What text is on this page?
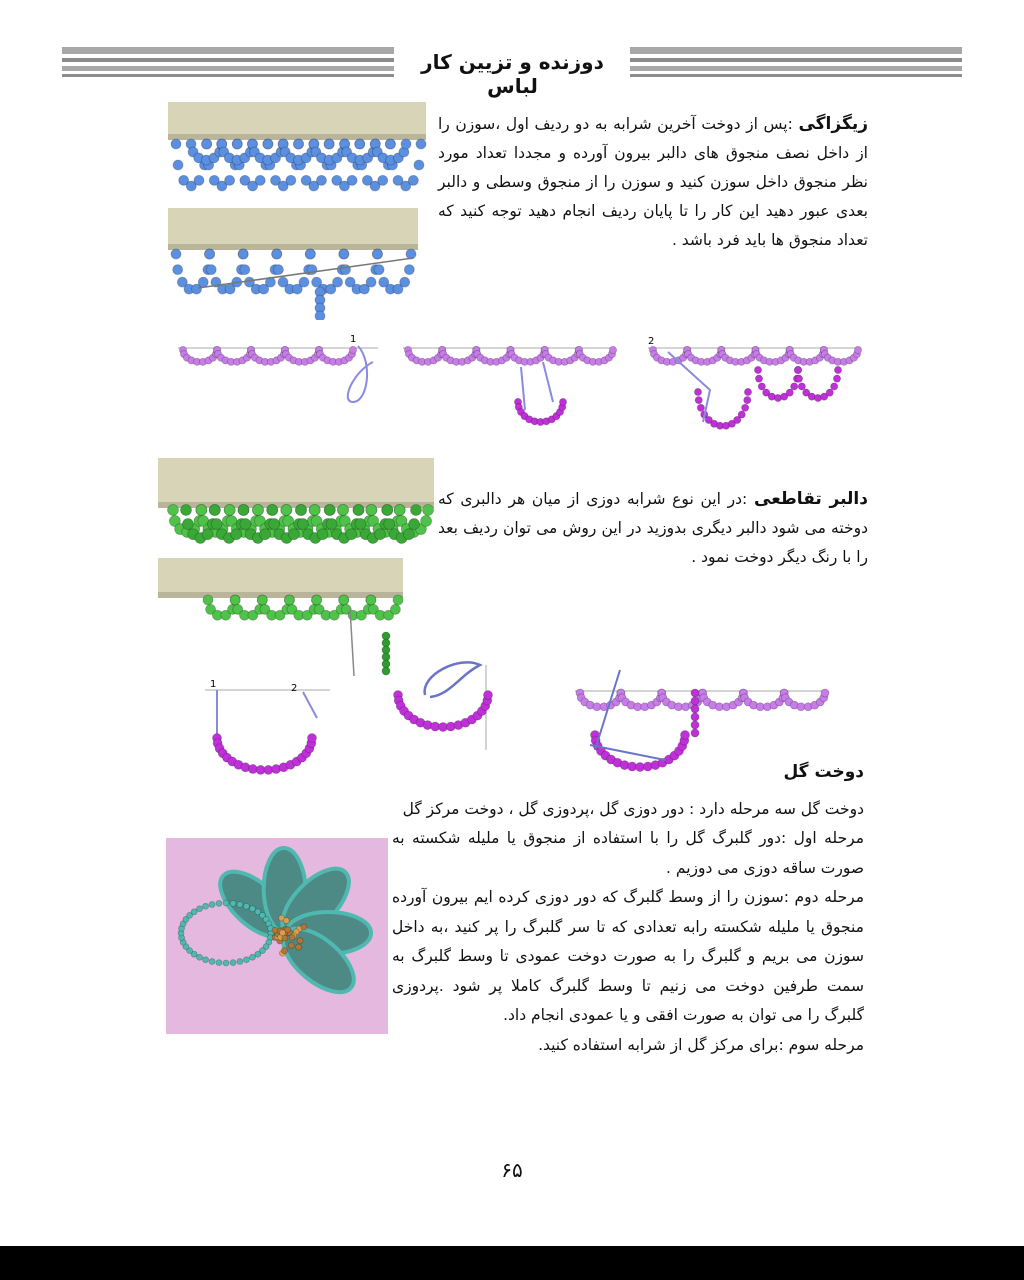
دوزنده و تزیین کار لباس
زیگزاگی :پس از دوخت آخرین شرابه به دو ردیف اول ،سوزن را از داخل نصف منجوق های دالبر بیرون آورده و مجددا تعداد مورد نظر منجوق داخل سوزن کنید و سوزن را از منجوق وسطی و دالبر بعدی عبور دهید این کار را تا پایان ردیف انجام دهید توجه کنید که تعداد منجوق ها باید فرد باشد .
1	2
دالبر تقاطعی :در این نوع شرابه دوزی از میان هر دالبری که دوخته می شود دالبر دیگری بدوزید در این روش می توان ردیف بعد را با رنگ دیگر دوخت نمود .
1	2
دوخت گل
دوخت گل سه مرحله دارد : دور دوزی گل ،پردوزی گل ، دوخت مرکز گل
مرحله اول :دور گلبرگ گل را با استفاده از منجوق یا ملیله شکسته به صورت ساقه دوزی می دوزیم .
مرحله دوم :سوزن را از وسط گلبرگ که دور دوزی کرده ایم بیرون آورده منجوق یا ملیله شکسته رابه تعدادی که تا سر گلبرگ را پر کنید ،به داخل سوزن می بریم و گلبرگ را به صورت دوخت عمودی تا وسط گلبرگ به سمت طرفین دوخت می زنیم تا وسط گلبرگ کاملا پر شود .پردوزی گلبرگ را می توان به صورت افقی و یا عمودی انجام داد.
مرحله سوم :برای مرکز گل از شرابه استفاده کنید.
۶۵
